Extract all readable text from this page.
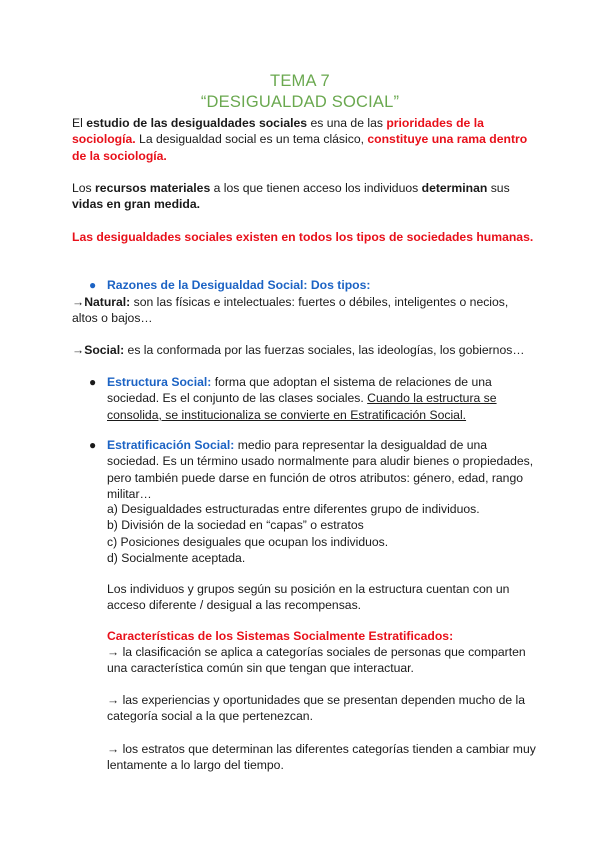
TEMA 7
“DESIGUALDAD SOCIAL”
El estudio de las desigualdades sociales es una de las prioridades de la sociología. La desigualdad social es un tema clásico, constituye una rama dentro de la sociología.
Los recursos materiales a los que tienen acceso los individuos determinan sus vidas en gran medida.
Las desigualdades sociales existen en todos los tipos de sociedades humanas.
● Razones de la Desigualdad Social: Dos tipos:
→Natural: son las físicas e intelectuales: fuertes o débiles, inteligentes o necios, altos o bajos…
→Social: es la conformada por las fuerzas sociales, las ideologías, los gobiernos…
● Estructura Social: forma que adoptan el sistema de relaciones de una sociedad. Es el conjunto de las clases sociales. Cuando la estructura se consolida, se institucionaliza se convierte en Estratificación Social.
● Estratificación Social: medio para representar la desigualdad de una sociedad. Es un término usado normalmente para aludir bienes o propiedades, pero también puede darse en función de otros atributos: género, edad, rango militar…
a) Desigualdades estructuradas entre diferentes grupo de individuos.
b) División de la sociedad en “capas” o estratos
c) Posiciones desiguales que ocupan los individuos.
d) Socialmente aceptada.
Los individuos y grupos según su posición en la estructura cuentan con un acceso diferente / desigual a las recompensas.
Características de los Sistemas Socialmente Estratificados:
→ la clasificación se aplica a categorías sociales de personas que comparten una característica común sin que tengan que interactuar.
→ las experiencias y oportunidades que se presentan dependen mucho de la categoría social a la que pertenezcan.
→ los estratos que determinan las diferentes categorías tienden a cambiar muy lentamente a lo largo del tiempo.
